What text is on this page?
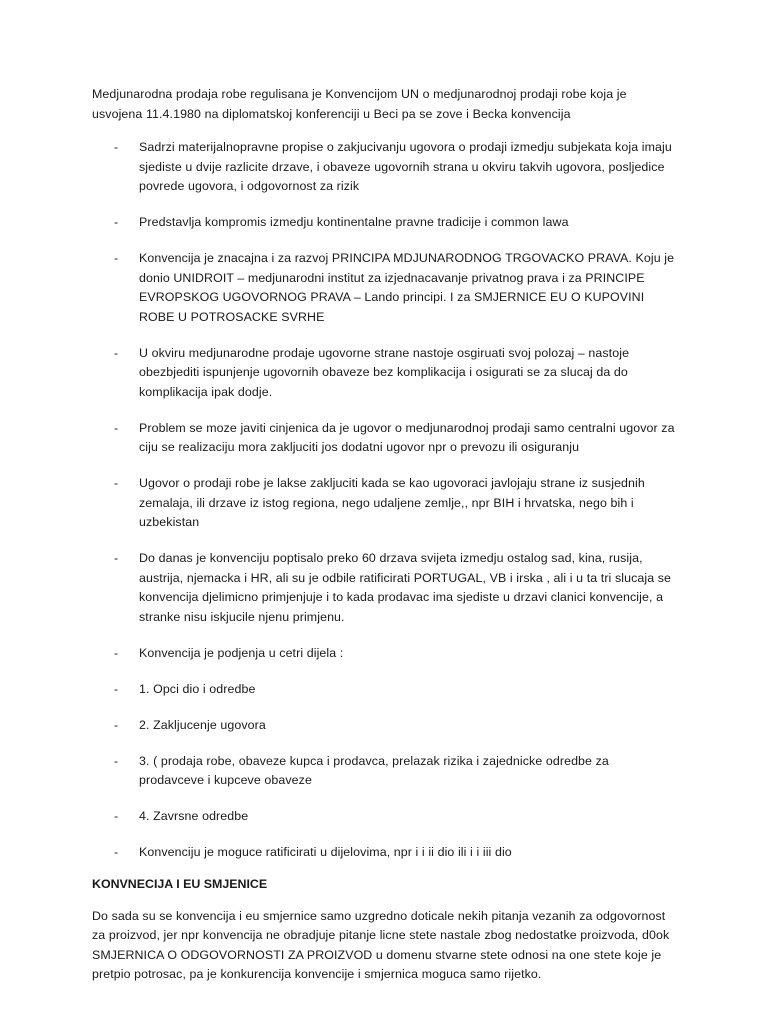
Medjunarodna prodaja robe regulisana je Konvencijom UN o medjunarodnoj prodaji robe koja je usvojena 11.4.1980 na diplomatskoj konferenciji u Beci pa se zove i Becka konvencija

- Sadrzi materijalnopravne propise o zakjucivanju ugovora o prodaji izmedju subjekata koja imaju sjediste u dvije razlicite drzave, i obaveze ugovornih strana u okviru takvih ugovora, posljedice povrede ugovora, i odgovornost za rizik
- Predstavlja kompromis izmedju kontinentalne pravne tradicije i common lawa
- Konvencija je znacajna i za razvoj PRINCIPA MDJUNARODNOG TRGOVACKO PRAVA. Koju je donio UNIDROIT – medjunarodni institut za izjednacavanje privatnog prava i za PRINCIPE EVROPSKOG UGOVORNOG PRAVA – Lando principi. I za SMJERNICE EU O KUPOVINI ROBE U POTROSACKE SVRHE
- U okviru medjunarodne prodaje ugovorne strane nastoje osgiruati svoj polozaj – nastoje obezbjediti ispunjenje ugovornih obaveze bez komplikacija i osigurati se za slucaj da do komplikacija ipak dodje.
- Problem se moze javiti cinjenica da je ugovor o medjunarodnoj prodaji samo centralni ugovor za ciju se realizaciju mora zakljuciti jos dodatni ugovor npr o prevozu ili osiguranju
- Ugovor o prodaji robe je lakse zakljuciti kada se kao ugovoraci javlojaju strane iz susjednih zemalaja, ili drzave iz istog regiona, nego udaljene zemlje,, npr BIH i hrvatska, nego bih i uzbekistan
- Do danas je konvenciju poptisalo preko 60 drzava svijeta izmedju ostalog sad, kina, rusija, austrija, njemacka i HR, ali su je odbile ratificirati PORTUGAL, VB i irska , ali i u ta tri slucaja se konvencija djelimicno primjenjuje i to kada prodavac ima sjediste u drzavi clanici konvencije, a stranke nisu iskjucile njenu primjenu.
- Konvencija je podjenja u cetri dijela :
- 1. Opci dio i odredbe
- 2. Zakljucenje ugovora
- 3. ( prodaja robe, obaveze kupca i prodavca, prelazak rizika i zajednicke odredbe za prodavceve i kupceve obaveze
- 4. Zavrsne odredbe
- Konvenciju je moguce ratificirati u dijelovima, npr i i ii dio ili i i iii dio

KONVNECIJA I EU SMJENICE

Do sada su se konvencija i eu smjernice samo uzgredno doticale nekih pitanja vezanih za odgovornost za proizvod, jer npr konvencija ne obradjuje pitanje licne stete nastale zbog nedostatke proizvoda, d0ok SMJERNICA O ODGOVORNOSTI ZA PROIZVOD u domenu stvarne stete odnosi na one stete koje je pretpio potrosac, pa je konkurencija konvencije i smjernica moguca samo rijetko.
